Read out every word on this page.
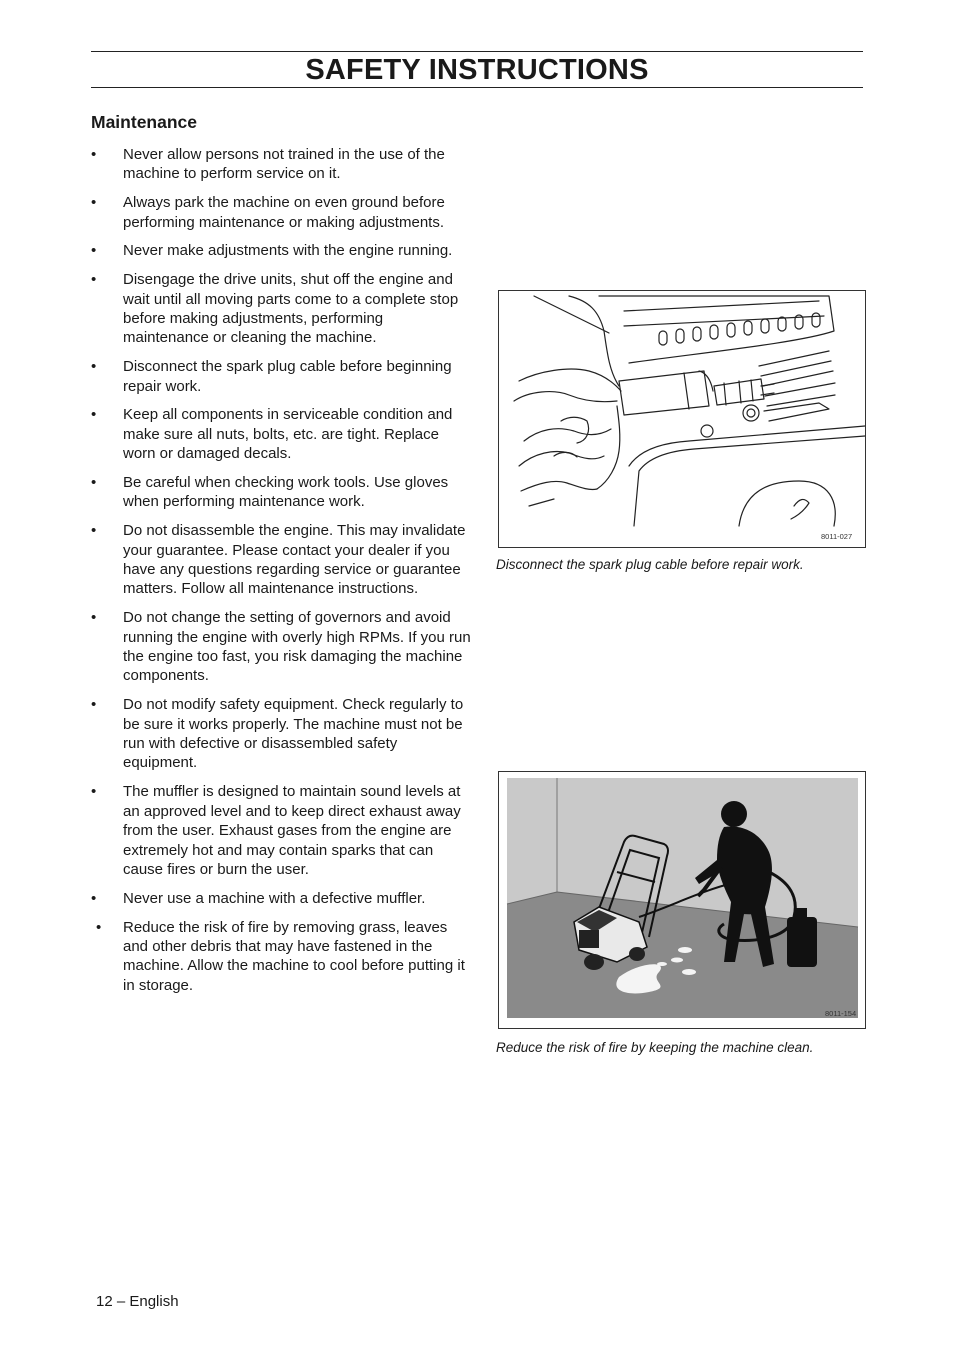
SAFETY INSTRUCTIONS
Maintenance
• Never allow persons not trained in the use of the machine to perform service on it.
• Always park the machine on even ground before performing maintenance or making adjustments.
• Never make adjustments with the engine running.
• Disengage the drive units, shut off the engine and wait until all moving parts come to a complete stop before making adjustments, performing maintenance or cleaning the machine.
• Disconnect the spark plug cable before beginning repair work.
• Keep all components in serviceable condition and make sure all nuts, bolts, etc. are tight. Replace worn or damaged decals.
• Be careful when checking work tools. Use gloves when performing maintenance work.
• Do not disassemble the engine. This may invalidate your guarantee. Please contact your dealer if you have any questions regarding service or guarantee matters. Follow all maintenance instructions.
• Do not change the setting of governors and avoid running the engine with overly high RPMs. If you run the engine too fast, you risk damaging the machine components.
• Do not modify safety equipment. Check regularly to be sure it works properly. The machine must not be run with defective or disassembled safety equipment.
• The muffler is designed to maintain sound levels at an approved level and to keep direct exhaust away from the user. Exhaust gases from the engine are extremely hot and may contain sparks that can cause fires or burn the user.
• Never use a machine with a defective muffler.
• Reduce the risk of fire by removing grass, leaves and other debris that may have fastened in the machine. Allow the machine to cool before putting it in storage.
8011-027

Disconnect the spark plug cable before repair work.

8011-154

Reduce the risk of fire by keeping the machine clean.

12 – English
